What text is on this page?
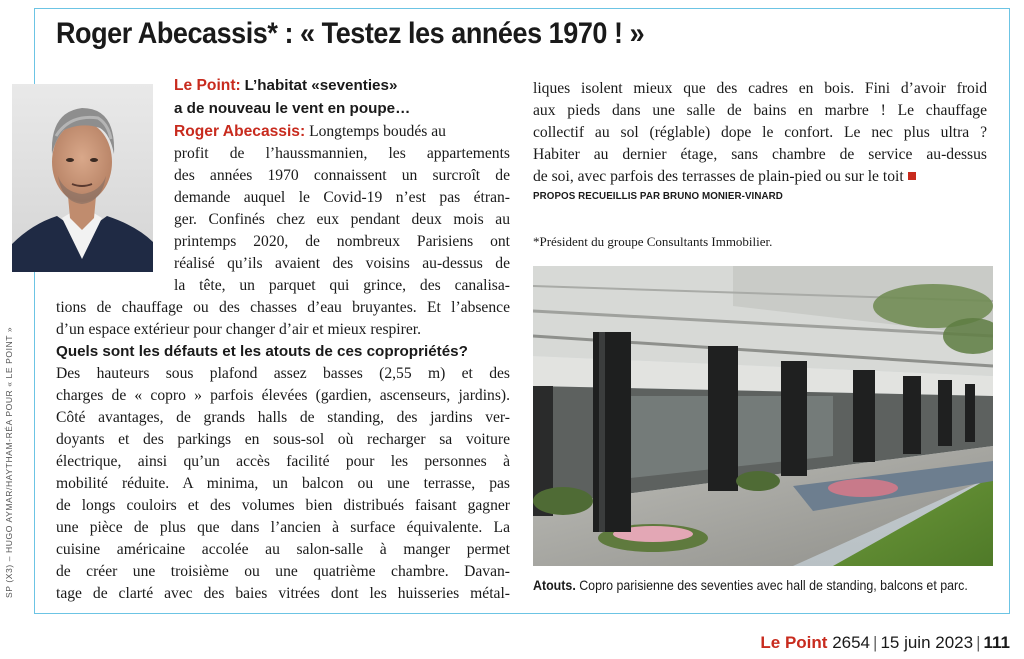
Roger Abecassis* : « Testez les années 1970 ! »
SP (X3) – HUGO AYMAR/HAYTHAM-RÉA POUR « LE POINT »
Le Point: L’habitat «seventies»
a de nouveau le vent en poupe…
Roger Abecassis: Longtemps boudés au
profit de l’haussmannien, les appartements
des années 1970 connaissent un surcroît de
demande auquel le Covid-19 n’est pas étran-
ger. Confinés chez eux pendant deux mois au
printemps 2020, de nombreux Parisiens ont
réalisé qu’ils avaient des voisins au-dessus de
la tête, un parquet qui grince, des canalisa-
tions de chauffage ou des chasses d’eau bruyantes. Et l’absence
d’un espace extérieur pour changer d’air et mieux respirer.
Quels sont les défauts et les atouts de ces copropriétés?
Des hauteurs sous plafond assez basses (2,55 m) et des
charges de « copro » parfois élevées (gardien, ascenseurs, jardins).
Côté avantages, de grands halls de standing, des jardins ver-
doyants et des parkings en sous-sol où recharger sa voiture
électrique, ainsi qu’un accès facilité pour les personnes à
mobilité réduite. A minima, un balcon ou une terrasse, pas
de longs couloirs et des volumes bien distribués faisant gagner
une pièce de plus que dans l’ancien à surface équivalente. La
cuisine américaine accolée au salon-salle à manger permet
de créer une troisième ou une quatrième chambre. Davan-
tage de clarté avec des baies vitrées dont les huisseries métal-
liques isolent mieux que des cadres en bois. Fini d’avoir froid
aux pieds dans une salle de bains en marbre ! Le chauffage
collectif au sol (réglable) dope le confort. Le nec plus ultra ?
Habiter au dernier étage, sans chambre de service au-dessus
de soi, avec parfois des terrasses de plain-pied ou sur le toit
PROPOS RECUEILLIS PAR BRUNO MONIER-VINARD
*Président du groupe Consultants Immobilier.
Atouts. Copro parisienne des seventies avec hall de standing, balcons et parc.
Le Point 2654 | 15 juin 2023 | 111
